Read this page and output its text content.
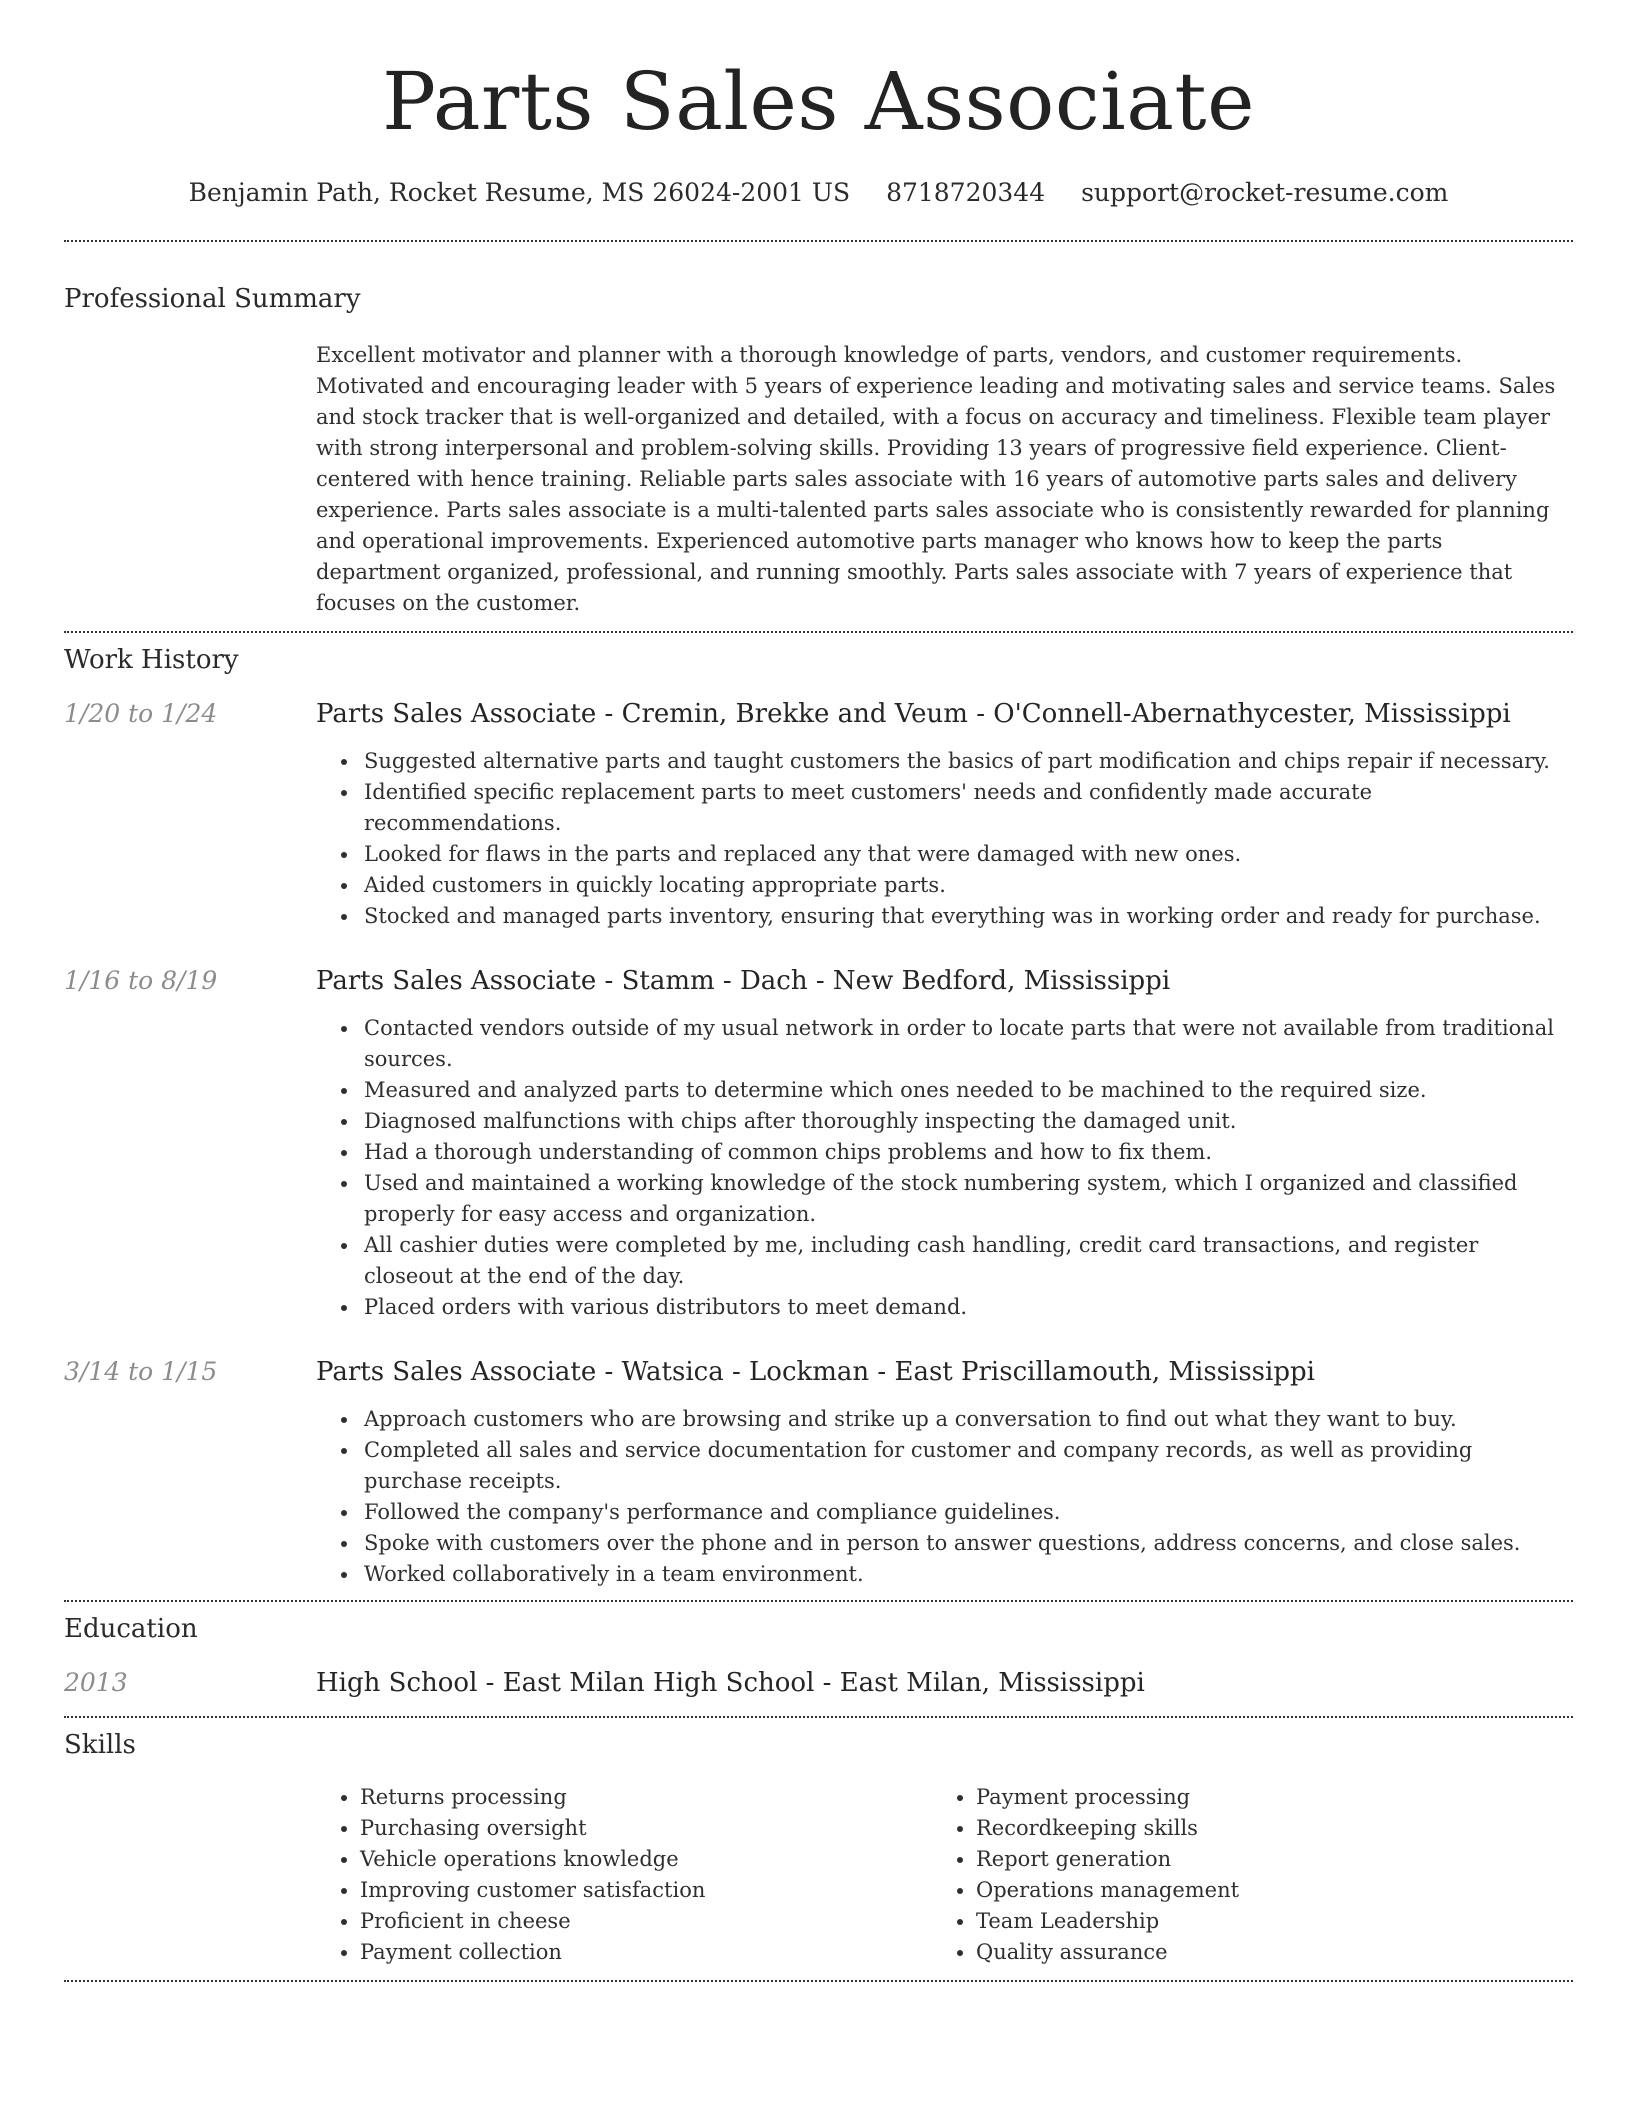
Parts Sales Associate
Benjamin Path, Rocket Resume, MS 26024-2001 US 8718720344 support@rocket-resume.com
Professional Summary

Excellent motivator and planner with a thorough knowledge of parts, vendors, and customer requirements. Motivated and encouraging leader with 5 years of experience leading and motivating sales and service teams. Sales and stock tracker that is well-organized and detailed, with a focus on accuracy and timeliness. Flexible team player with strong interpersonal and problem-solving skills. Providing 13 years of progressive field experience. Client-centered with hence training. Reliable parts sales associate with 16 years of automotive parts sales and delivery experience. Parts sales associate is a multi-talented parts sales associate who is consistently rewarded for planning and operational improvements. Experienced automotive parts manager who knows how to keep the parts department organized, professional, and running smoothly. Parts sales associate with 7 years of experience that focuses on the customer.

Work History
1/20 to 1/24	Parts Sales Associate - Cremin, Brekke and Veum - O'Connell-Abernathycester, Mississippi
• Suggested alternative parts and taught customers the basics of part modification and chips repair if necessary.
• Identified specific replacement parts to meet customers' needs and confidently made accurate recommendations.
• Looked for flaws in the parts and replaced any that were damaged with new ones.
• Aided customers in quickly locating appropriate parts.
• Stocked and managed parts inventory, ensuring that everything was in working order and ready for purchase.
1/16 to 8/19	Parts Sales Associate - Stamm - Dach - New Bedford, Mississippi
• Contacted vendors outside of my usual network in order to locate parts that were not available from traditional sources.
• Measured and analyzed parts to determine which ones needed to be machined to the required size.
• Diagnosed malfunctions with chips after thoroughly inspecting the damaged unit.
• Had a thorough understanding of common chips problems and how to fix them.
• Used and maintained a working knowledge of the stock numbering system, which I organized and classified properly for easy access and organization.
• All cashier duties were completed by me, including cash handling, credit card transactions, and register closeout at the end of the day.
• Placed orders with various distributors to meet demand.
3/14 to 1/15	Parts Sales Associate - Watsica - Lockman - East Priscillamouth, Mississippi
• Approach customers who are browsing and strike up a conversation to find out what they want to buy.
• Completed all sales and service documentation for customer and company records, as well as providing purchase receipts.
• Followed the company's performance and compliance guidelines.
• Spoke with customers over the phone and in person to answer questions, address concerns, and close sales.
• Worked collaboratively in a team environment.
Education
2013	High School - East Milan High School - East Milan, Mississippi
Skills
• Returns processing
• Purchasing oversight
• Vehicle operations knowledge
• Improving customer satisfaction
• Proficient in cheese
• Payment collection
• Payment processing
• Recordkeeping skills
• Report generation
• Operations management
• Team Leadership
• Quality assurance
